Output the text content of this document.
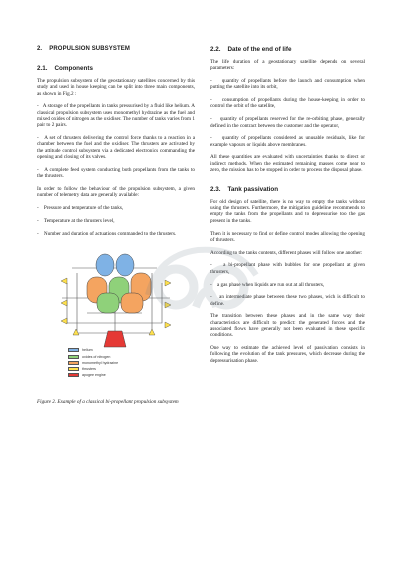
2.    PROPULSION SUBSYSTEM
2.1.    Components

The propulsion subsystem of the geostationary satellites concerned by this study and used in house keeping can be split into three main components, as shown in Fig.2 :

-   A storage of the propellants in tanks pressurised by a fluid like helium. A classical propulsion subsystem uses monomethyl hydrazine as the fuel and mixed oxides of nitrogen as the oxidiser. The number of tanks varies from 1 pair to 2 pairs.

-   A set of thrusters delivering the control force thanks to a reaction in a chamber between the fuel and the oxidiser. The thrusters are activated by the attitude control subsystem via a dedicated electronics commanding the opening and closing of its valves.

-   A complete feed system conducting both propellants from the tanks to the thrusters.

In order to follow the behaviour of the propulsion subsystem, a given number of telemetry data are generally available:

-    Pressure and temperature of the tanks,

-    Temperature at the thrusters level,

-    Number and duration of actuations commanded to the thrusters.

helium
oxides of nitrogen
monomethyl hydrazine
thrusters
apogee engine

Figure 2. Example of a classical bi-propellant propulsion subsystem

2.2.    Date of the end of life

The life duration of a geostationary satellite depends on several parameters:

-    quantity of propellants before the launch and consumption when putting the satellite into its orbit,

-    consumption of propellants during the house-keeping in order to control the orbit of the satellite,

-    quantity of propellants reserved for the re-orbiting phase, generally defined in the contract between the customer and the operator,

-    quantity of propellants considered as unusable residuals, like for example vapours or liquids above membranes.

All these quantities are evaluated with uncertainties thanks to direct or indirect methods. When the estimated remaining masses come near to zero, the mission has to be stopped in order to process the disposal phase.

2.3.    Tank passivation

For old design of satellite, there is no way to empty the tanks without using the thrusters. Furthermore, the mitigation guideline recommends to empty the tanks from the propellants and to depressurise too the gas present in the tanks.

Then it is necessary to find or define control modes allowing the opening of thrusters.

According to the tanks contents, different phases will follow one another:

-    a bi-propellant phase with bubbles for one propellant at given thrusters,

-    a gas phase when liquids are run out at all thrusters,

-    an intermediate phase between these two phases, wich is difficult to define.

The transition between these phases and in the same way their characteristics are difficult to predict: the generated forces and the associated flows have generally not been evaluated in these specific conditions.

One way to estimate the achieved level of passivation consists in following the evolution of the tank pressures, which decrease during the depressurisation phase.
